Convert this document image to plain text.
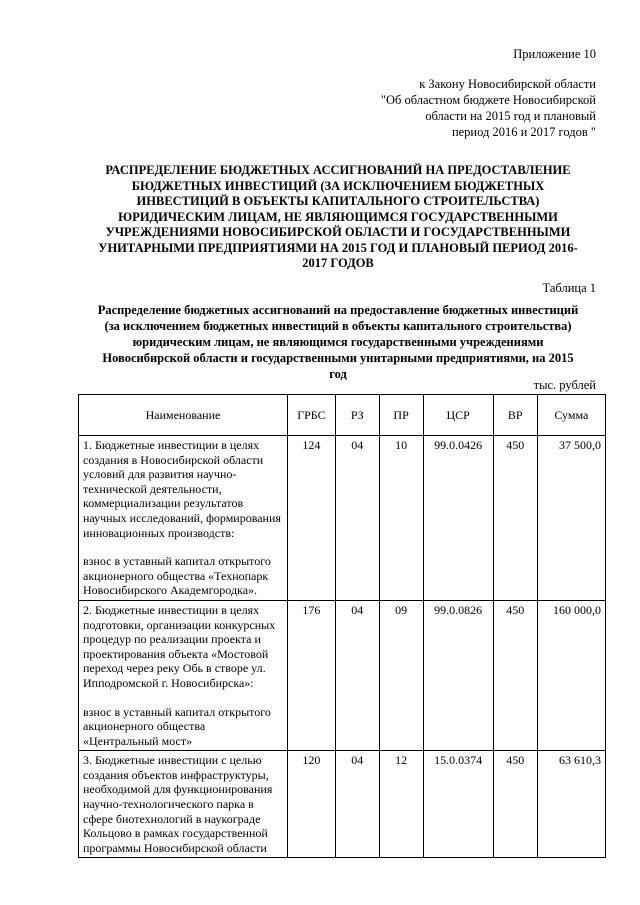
Приложение 10
к Закону Новосибирской области
"Об областном бюджете Новосибирской
области на 2015 год и плановый
период 2016 и 2017 годов "
РАСПРЕДЕЛЕНИЕ БЮДЖЕТНЫХ АССИГНОВАНИЙ НА ПРЕДОСТАВЛЕНИЕ
БЮДЖЕТНЫХ ИНВЕСТИЦИЙ (ЗА ИСКЛЮЧЕНИЕМ БЮДЖЕТНЫХ
ИНВЕСТИЦИЙ В ОБЪЕКТЫ КАПИТАЛЬНОГО СТРОИТЕЛЬСТВА)
ЮРИДИЧЕСКИМ ЛИЦАМ, НЕ ЯВЛЯЮЩИМСЯ ГОСУДАРСТВЕННЫМИ
УЧРЕЖДЕНИЯМИ НОВОСИБИРСКОЙ ОБЛАСТИ И ГОСУДАРСТВЕННЫМИ
УНИТАРНЫМИ ПРЕДПРИЯТИЯМИ НА 2015 ГОД И ПЛАНОВЫЙ ПЕРИОД 2016-
2017 ГОДОВ
Таблица 1
Распределение бюджетных ассигнований на предоставление бюджетных инвестиций
(за исключением бюджетных инвестиций в объекты капитального строительства)
юридическим лицам, не являющимся государственными учреждениями
Новосибирской области и государственными унитарными предприятиями, на 2015
год
тыс. рублей
Наименование	ГРБС	РЗ	ПР	ЦСР	ВР	Сумма

1. Бюджетные инвестиции в целях создания в Новосибирской области условий для развития научно-технической деятельности, коммерциализации результатов научных исследований, формирования инновационных производств:

взнос в уставный капитал открытого акционерного общества «Технопарк Новосибирского Академгородка».	124	04	10	99.0.0426	450	37 500,0

2. Бюджетные инвестиции в целях подготовки, организации конкурсных процедур по реализации проекта и проектирования объекта «Мостовой переход через реку Обь в створе ул. Ипподромской г. Новосибирска»:

взнос в уставный капитал открытого акционерного общества «Центральный мост»	176	04	09	99.0.0826	450	160 000,0

3. Бюджетные инвестиции с целью создания объектов инфраструктуры, необходимой для функционирования научно-технологического парка в сфере биотехнологий в наукограде Кольцово в рамках государственной программы Новосибирской области	120	04	12	15.0.0374	450	63 610,3
